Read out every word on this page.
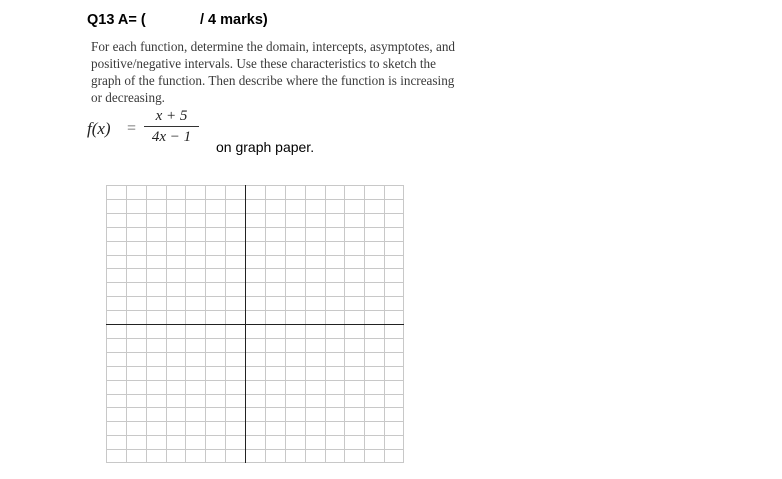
Q13 A= (	/ 4 marks)
For each function, determine the domain, intercepts, asymptotes, and positive/negative intervals. Use these characteristics to sketch the graph of the function. Then describe where the function is increasing or decreasing.
$f(x) = \frac{x + 5}{4x - 1}$
on graph paper.
